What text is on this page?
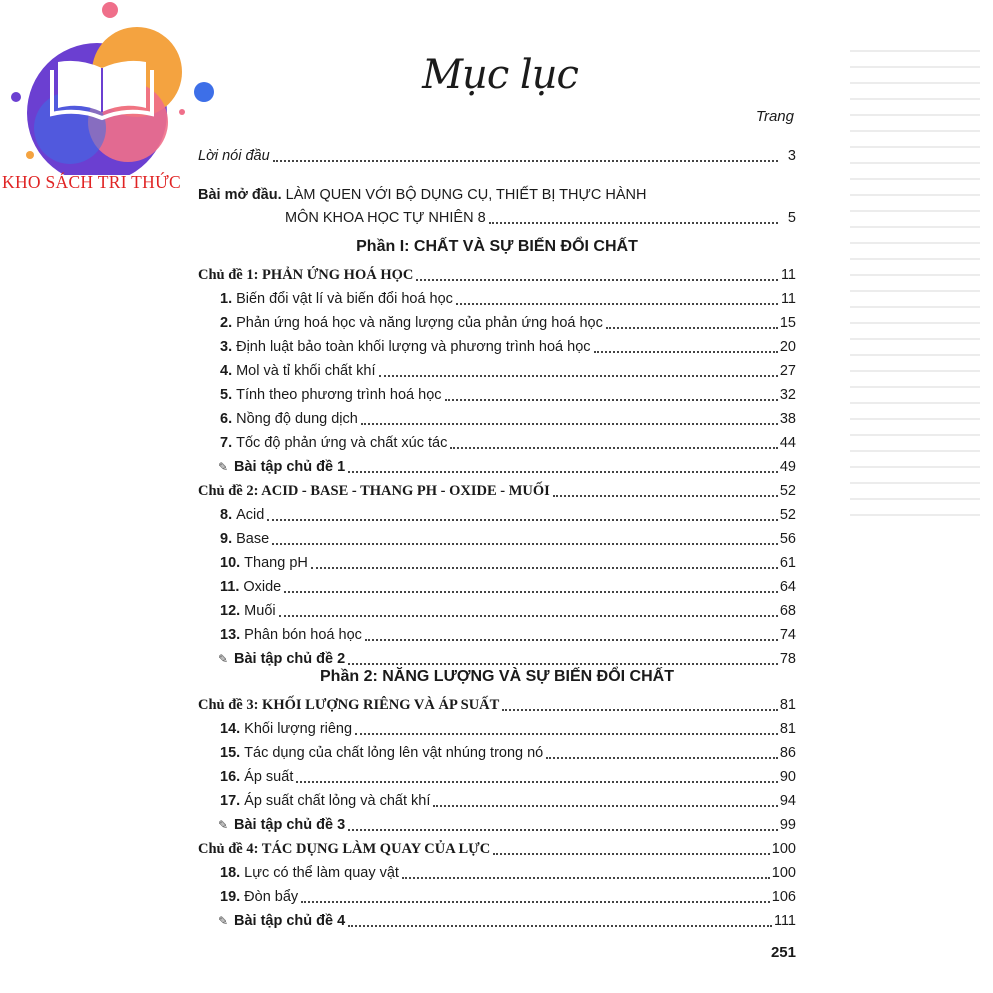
KHO SÁCH TRI THỨC
Mục lục
Trang
Lời nói đầu	3
Bài mở đầu. LÀM QUEN VỚI BỘ DỤNG CỤ, THIẾT BỊ THỰC HÀNH
MÔN KHOA HỌC TỰ NHIÊN 8	5
Phần I: CHẤT VÀ SỰ BIẾN ĐỔI CHẤT
Chủ đề 1: PHẢN ỨNG HOÁ HỌC	11
1. Biến đổi vật lí và biến đổi hoá học	11
2. Phản ứng hoá học và năng lượng của phản ứng hoá học	15
3. Định luật bảo toàn khối lượng và phương trình hoá học	20
4. Mol và tỉ khối chất khí	27
5. Tính theo phương trình hoá học	32
6. Nồng độ dung dịch	38
7. Tốc độ phản ứng và chất xúc tác	44
✎ Bài tập chủ đề 1	49
Chủ đề 2: ACID - BASE - THANG PH - OXIDE - MUỐI	52
8. Acid	52
9. Base	56
10. Thang pH	61
11. Oxide	64
12. Muối	68
13. Phân bón hoá học	74
✎ Bài tập chủ đề 2	78
Phần 2: NĂNG LƯỢNG VÀ SỰ BIẾN ĐỔI CHẤT
Chủ đề 3: KHỐI LƯỢNG RIÊNG VÀ ÁP SUẤT	81
14. Khối lượng riêng	81
15. Tác dụng của chất lỏng lên vật nhúng trong nó	86
16. Áp suất	90
17. Áp suất chất lỏng và chất khí	94
✎ Bài tập chủ đề 3	99
Chủ đề 4: TÁC DỤNG LÀM QUAY CỦA LỰC	100
18. Lực có thể làm quay vật	100
19. Đòn bẩy	106
✎ Bài tập chủ đề 4	111
251
